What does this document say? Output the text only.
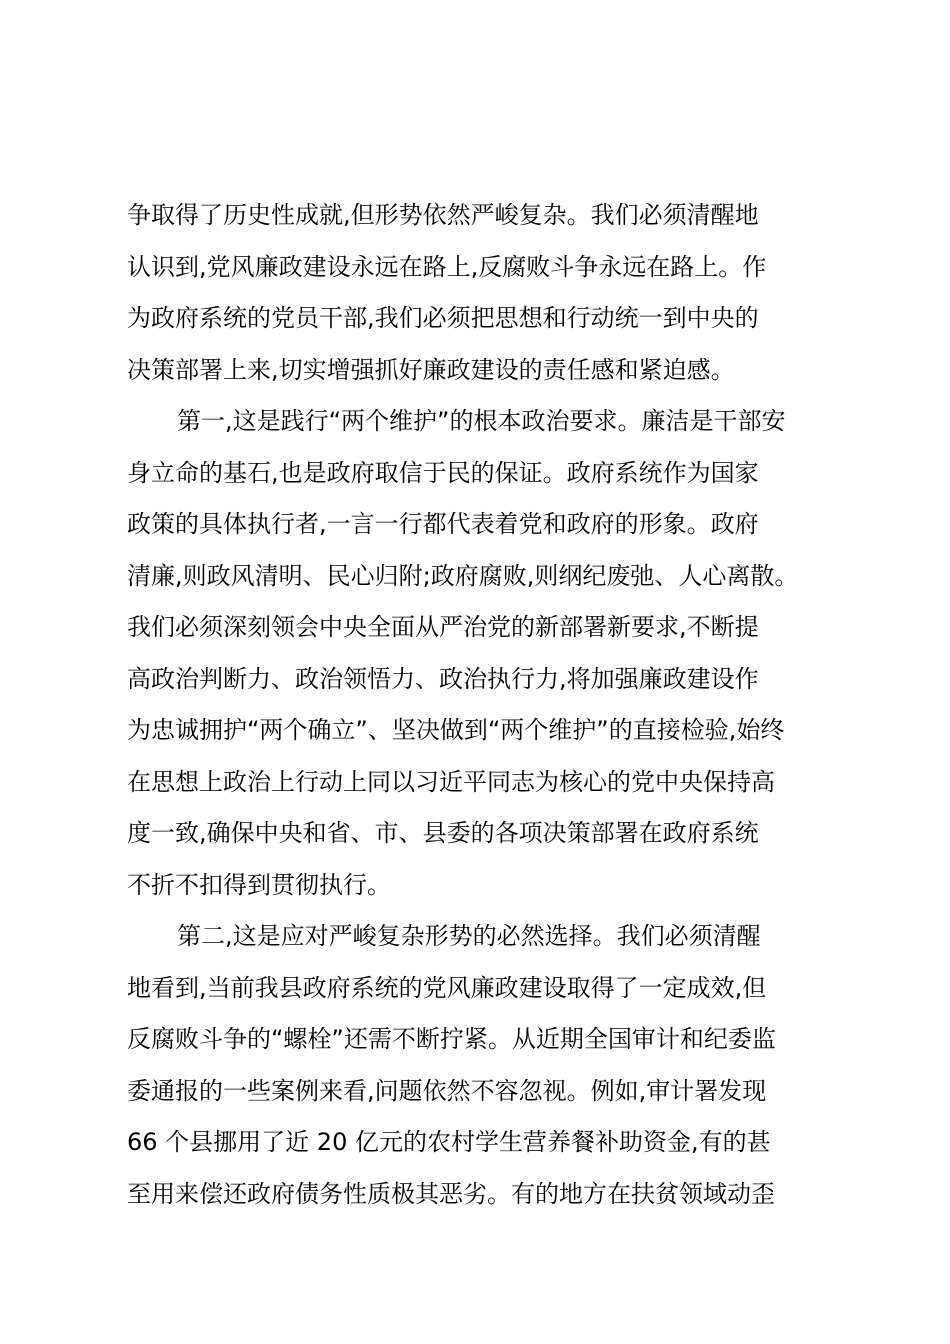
争取得了历史性成就,但形势依然严峻复杂。我们必须清醒地
认识到,党风廉政建设永远在路上,反腐败斗争永远在路上。作
为政府系统的党员干部,我们必须把思想和行动统一到中央的
决策部署上来,切实增强抓好廉政建设的责任感和紧迫感。

第一,这是践行“两个维护”的根本政治要求。廉洁是干部安
身立命的基石,也是政府取信于民的保证。政府系统作为国家
政策的具体执行者,一言一行都代表着党和政府的形象。政府
清廉,则政风清明、民心归附;政府腐败,则纲纪废弛、人心离散。
我们必须深刻领会中央全面从严治党的新部署新要求,不断提
高政治判断力、政治领悟力、政治执行力,将加强廉政建设作
为忠诚拥护“两个确立”、坚决做到“两个维护”的直接检验,始终
在思想上政治上行动上同以习近平同志为核心的党中央保持高
度一致,确保中央和省、市、县委的各项决策部署在政府系统
不折不扣得到贯彻执行。

第二,这是应对严峻复杂形势的必然选择。我们必须清醒
地看到,当前我县政府系统的党风廉政建设取得了一定成效,但
反腐败斗争的“螺栓”还需不断拧紧。从近期全国审计和纪委监
委通报的一些案例来看,问题依然不容忽视。例如,审计署发现
66 个县挪用了近 20 亿元的农村学生营养餐补助资金,有的甚
至用来偿还政府债务性质极其恶劣。有的地方在扶贫领域动歪
